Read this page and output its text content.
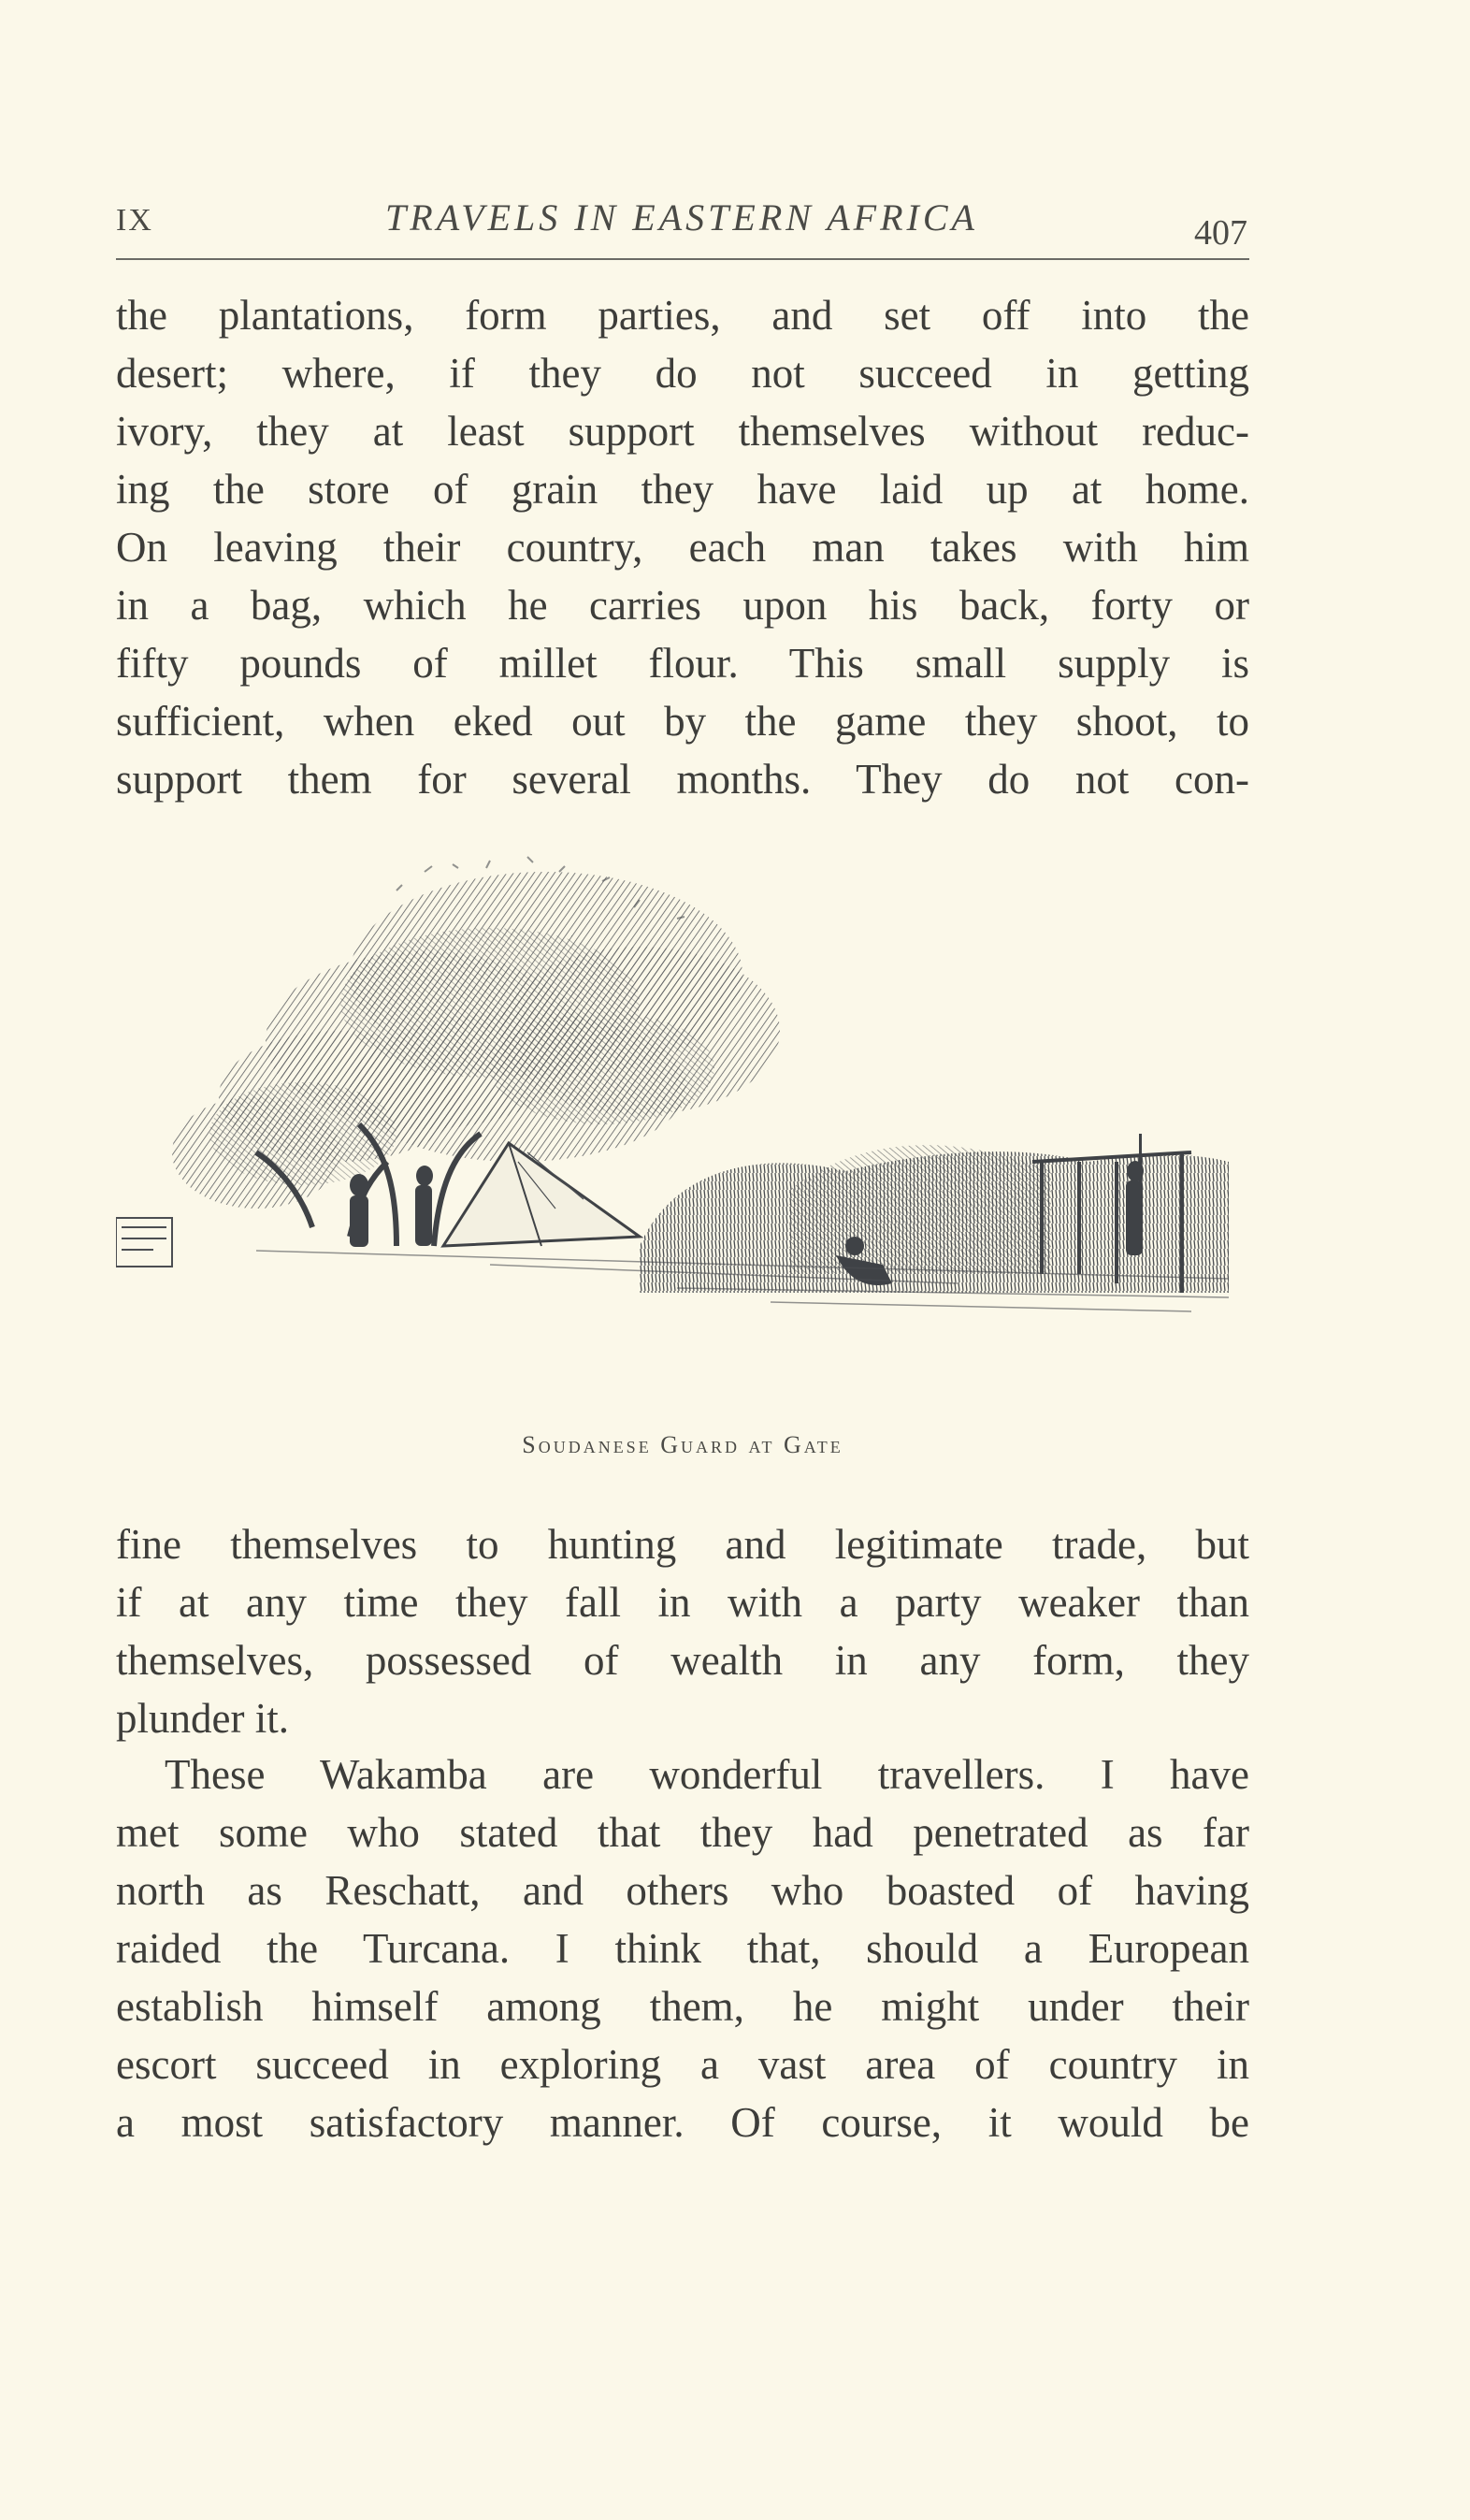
IX	TRAVELS IN EASTERN AFRICA	407
the plantations, form parties, and set off into the
desert; where, if they do not succeed in getting
ivory, they at least support themselves without reduc-
ing the store of grain they have laid up at home.
On leaving their country, each man takes with him
in a bag, which he carries upon his back, forty or
fifty pounds of millet flour. This small supply is
sufficient, when eked out by the game they shoot, to
support them for several months. They do not con-
Soudanese Guard at Gate
fine themselves to hunting and legitimate trade, but
if at any time they fall in with a party weaker than
themselves, possessed of wealth in any form, they
plunder it.
These Wakamba are wonderful travellers. I have
met some who stated that they had penetrated as far
north as Reschatt, and others who boasted of having
raided the Turcana. I think that, should a European
establish himself among them, he might under their
escort succeed in exploring a vast area of country in
a most satisfactory manner. Of course, it would be
